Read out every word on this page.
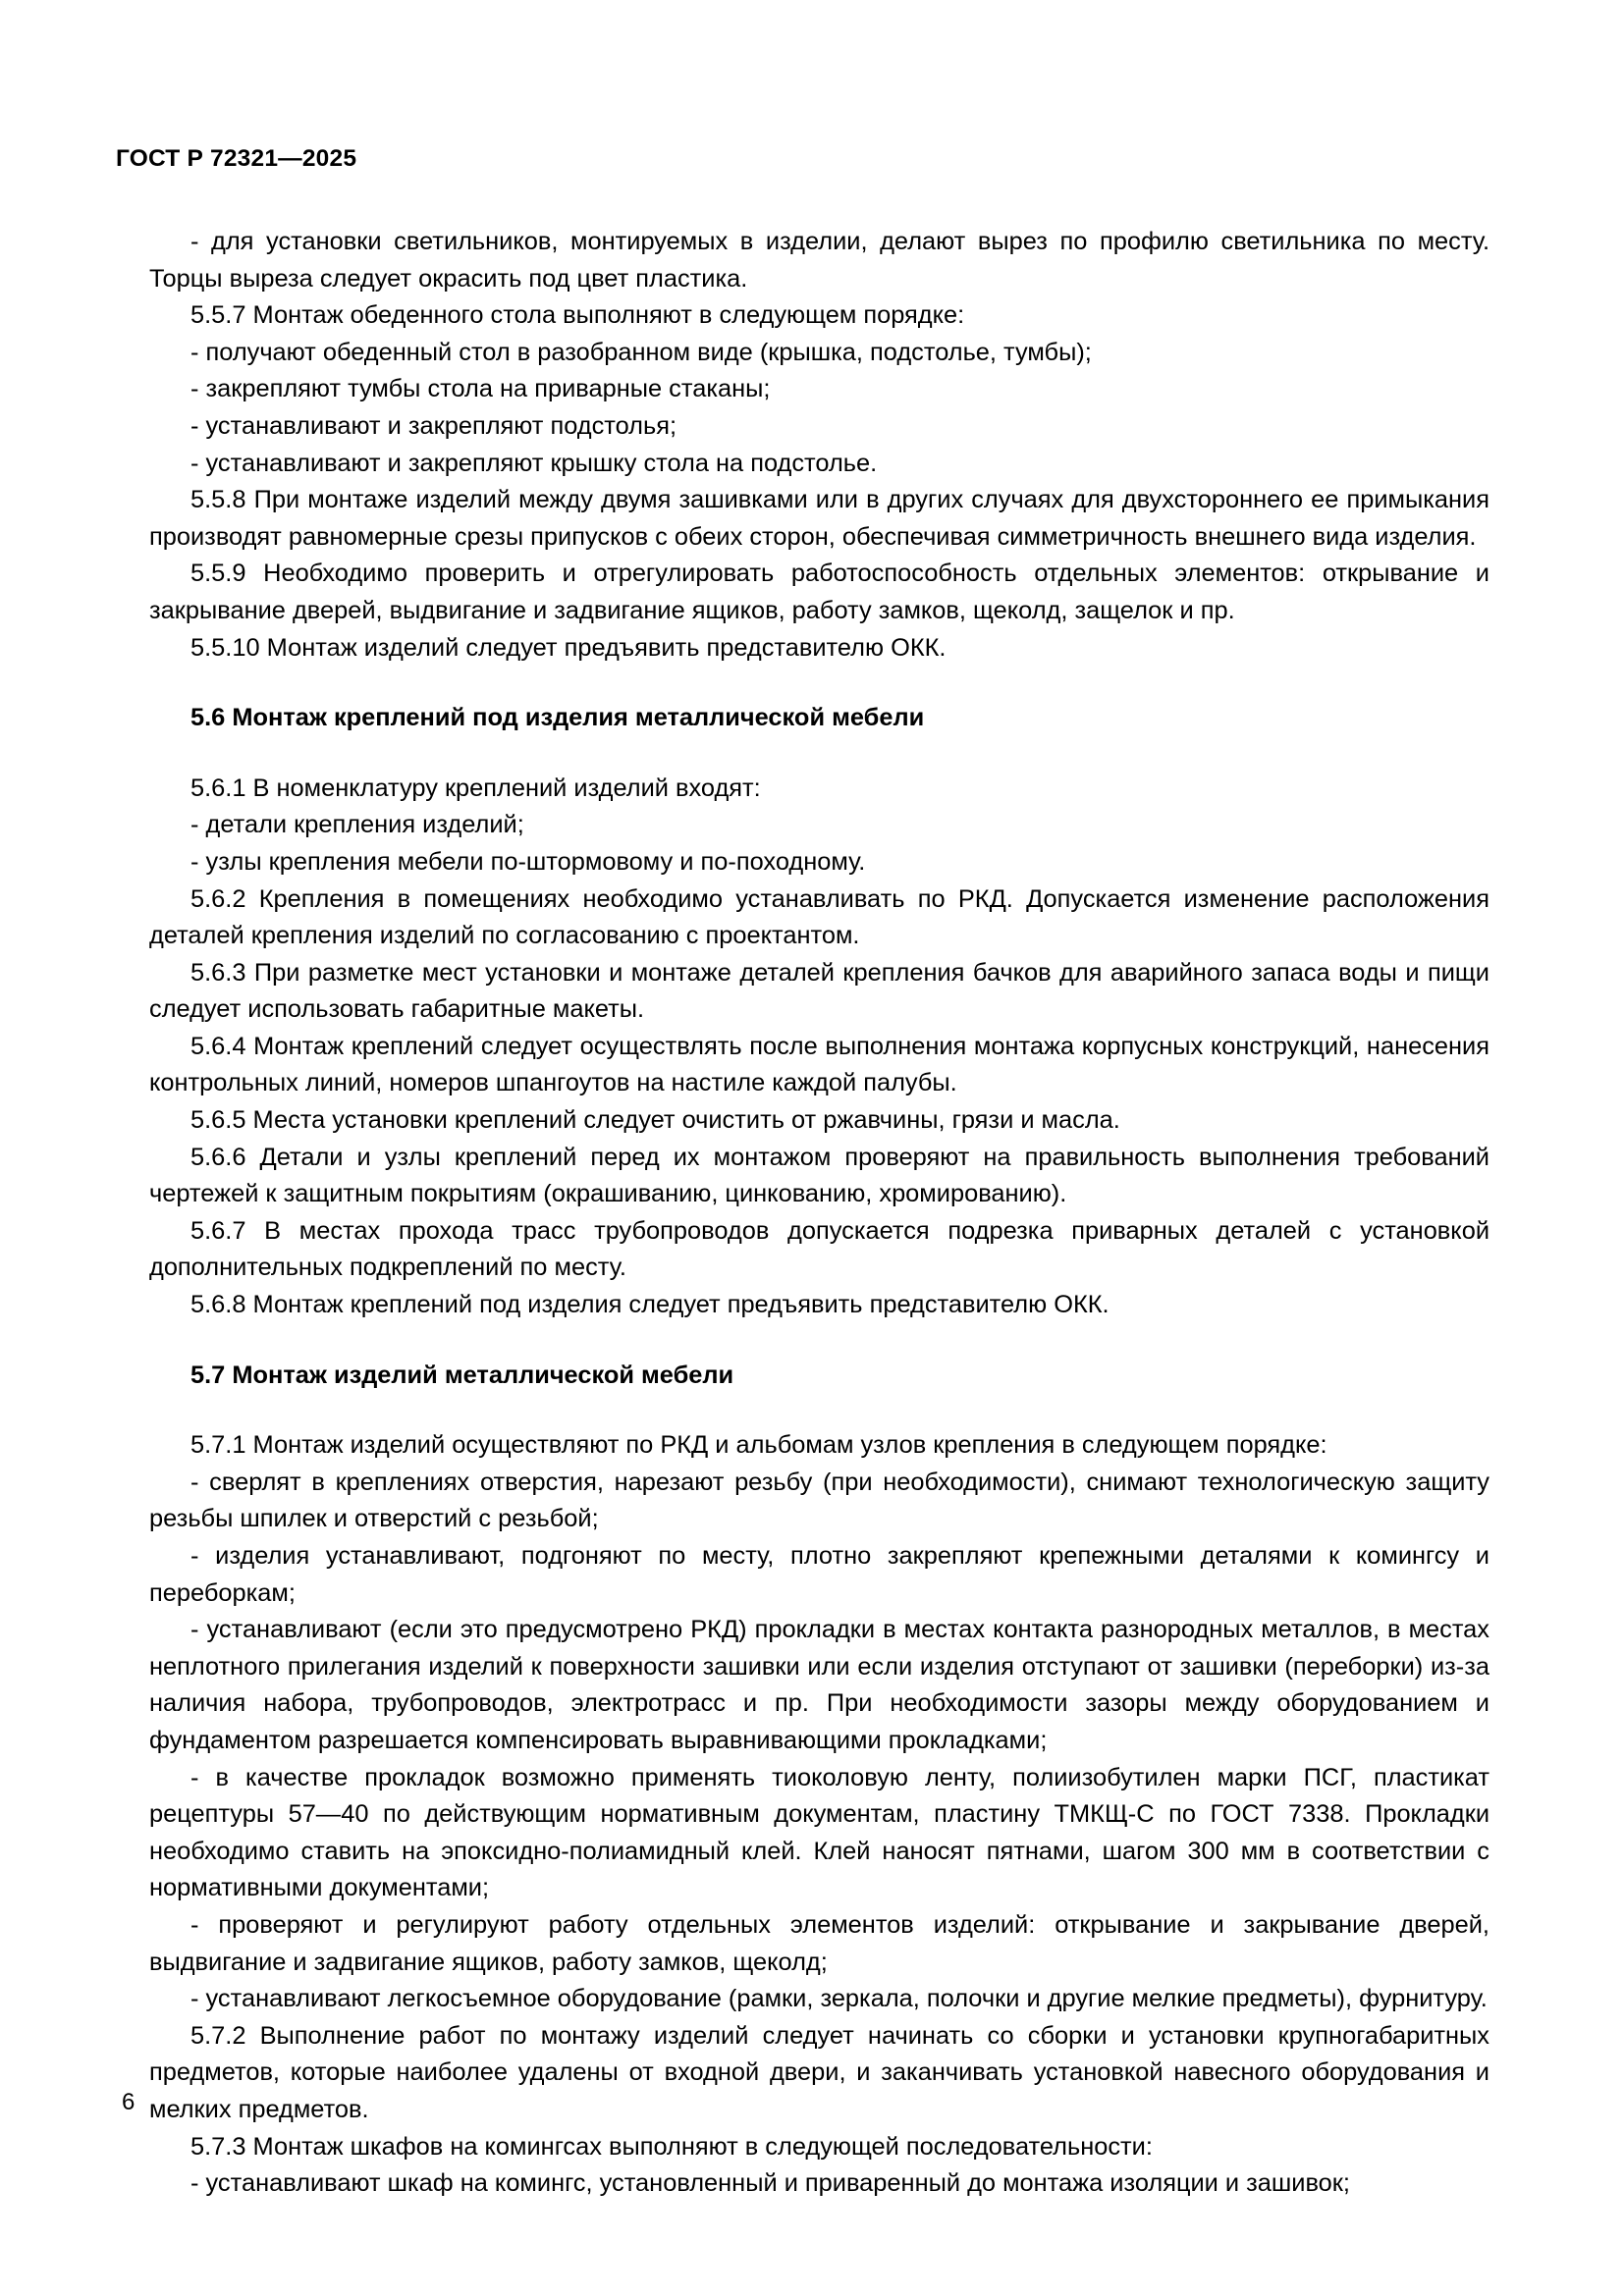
ГОСТ Р 72321—2025

- для установки светильников, монтируемых в изделии, делают вырез по профилю светильника по месту. Торцы выреза следует окрасить под цвет пластика.

5.5.7 Монтаж обеденного стола выполняют в следующем порядке:

- получают обеденный стол в разобранном виде (крышка, подстолье, тумбы);

- закрепляют тумбы стола на приварные стаканы;

- устанавливают и закрепляют подстолья;

- устанавливают и закрепляют крышку стола на подстолье.

5.5.8 При монтаже изделий между двумя зашивками или в других случаях для двухстороннего ее примыкания производят равномерные срезы припусков с обеих сторон, обеспечивая симметричность внешнего вида изделия.

5.5.9 Необходимо проверить и отрегулировать работоспособность отдельных элементов: открывание и закрывание дверей, выдвигание и задвигание ящиков, работу замков, щеколд, защелок и пр.

5.5.10 Монтаж изделий следует предъявить представителю ОКК.

5.6 Монтаж креплений под изделия металлической мебели

5.6.1 В номенклатуру креплений изделий входят:

- детали крепления изделий;

- узлы крепления мебели по-штормовому и по-походному.

5.6.2 Крепления в помещениях необходимо устанавливать по РКД. Допускается изменение расположения деталей крепления изделий по согласованию с проектантом.

5.6.3 При разметке мест установки и монтаже деталей крепления бачков для аварийного запаса воды и пищи следует использовать габаритные макеты.

5.6.4 Монтаж креплений следует осуществлять после выполнения монтажа корпусных конструкций, нанесения контрольных линий, номеров шпангоутов на настиле каждой палубы.

5.6.5 Места установки креплений следует очистить от ржавчины, грязи и масла.

5.6.6 Детали и узлы креплений перед их монтажом проверяют на правильность выполнения требований чертежей к защитным покрытиям (окрашиванию, цинкованию, хромированию).

5.6.7 В местах прохода трасс трубопроводов допускается подрезка приварных деталей с установкой дополнительных подкреплений по месту.

5.6.8 Монтаж креплений под изделия следует предъявить представителю ОКК.

5.7 Монтаж изделий металлической мебели

5.7.1 Монтаж изделий осуществляют по РКД и альбомам узлов крепления в следующем порядке:

- сверлят в креплениях отверстия, нарезают резьбу (при необходимости), снимают технологическую защиту резьбы шпилек и отверстий с резьбой;

- изделия устанавливают, подгоняют по месту, плотно закрепляют крепежными деталями к комингсу и переборкам;

- устанавливают (если это предусмотрено РКД) прокладки в местах контакта разнородных металлов, в местах неплотного прилегания изделий к поверхности зашивки или если изделия отступают от зашивки (переборки) из-за наличия набора, трубопроводов, электротрасс и пр. При необходимости зазоры между оборудованием и фундаментом разрешается компенсировать выравнивающими прокладками;

- в качестве прокладок возможно применять тиоколовую ленту, полиизобутилен марки ПСГ, пластикат рецептуры 57—40 по действующим нормативным документам, пластину ТМКЩ-С по ГОСТ 7338. Прокладки необходимо ставить на эпоксидно-полиамидный клей. Клей наносят пятнами, шагом 300 мм в соответствии с нормативными документами;

- проверяют и регулируют работу отдельных элементов изделий: открывание и закрывание дверей, выдвигание и задвигание ящиков, работу замков, щеколд;

- устанавливают легкосъемное оборудование (рамки, зеркала, полочки и другие мелкие предметы), фурнитуру.

5.7.2 Выполнение работ по монтажу изделий следует начинать со сборки и установки крупногабаритных предметов, которые наиболее удалены от входной двери, и заканчивать установкой навесного оборудования и мелких предметов.

5.7.3 Монтаж шкафов на комингсах выполняют в следующей последовательности:

- устанавливают шкаф на комингс, установленный и приваренный до монтажа изоляции и зашивок;

6
